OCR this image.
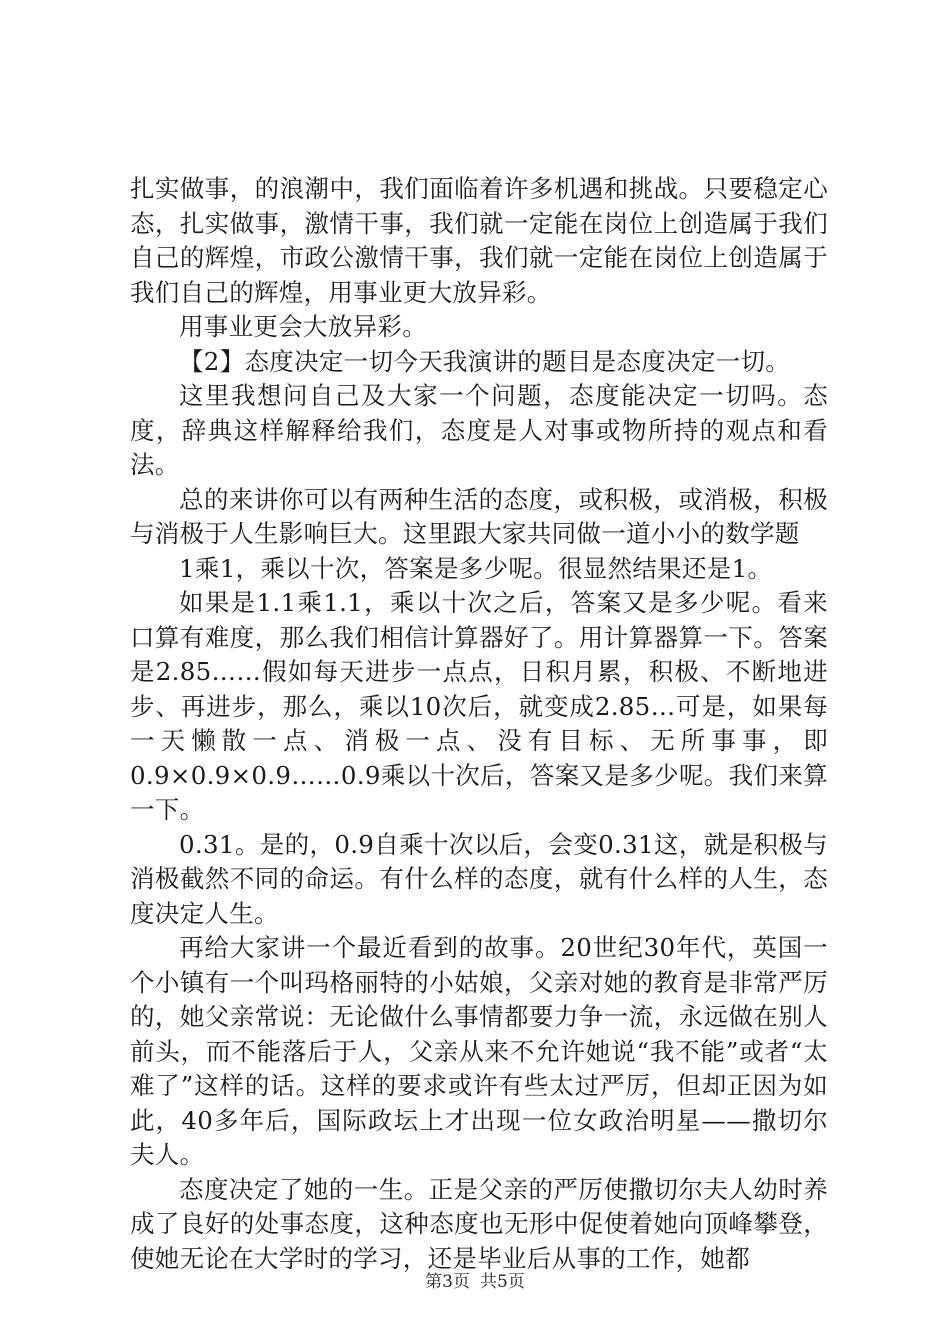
扎实做事，的浪潮中，我们面临着许多机遇和挑战。只要稳定心态，扎实做事，激情干事，我们就一定能在岗位上创造属于我们自己的辉煌，市政公激情干事，我们就一定能在岗位上创造属于我们自己的辉煌，用事业更大放异彩。

用事业更会大放异彩。

【2】态度决定一切今天我演讲的题目是态度决定一切。

这里我想问自己及大家一个问题，态度能决定一切吗。态度，辞典这样解释给我们，态度是人对事或物所持的观点和看法。

总的来讲你可以有两种生活的态度，或积极，或消极，积极与消极于人生影响巨大。这里跟大家共同做一道小小的数学题

1乘1，乘以十次，答案是多少呢。很显然结果还是1。

如果是1.1乘1.1，乘以十次之后，答案又是多少呢。看来口算有难度，那么我们相信计算器好了。用计算器算一下。答案是2.85……假如每天进步一点点，日积月累，积极、不断地进步、再进步，那么，乘以10次后，就变成2.85…可是，如果每一天懒散一点、消极一点、没有目标、无所事事，即0.9×0.9×0.9……0.9乘以十次后，答案又是多少呢。我们来算一下。

0.31。是的，0.9自乘十次以后，会变0.31这，就是积极与消极截然不同的命运。有什么样的态度，就有什么样的人生，态度决定人生。

再给大家讲一个最近看到的故事。20世纪30年代，英国一个小镇有一个叫玛格丽特的小姑娘，父亲对她的教育是非常严厉的，她父亲常说：无论做什么事情都要力争一流，永远做在别人前头，而不能落后于人，父亲从来不允许她说“我不能”或者“太难了”这样的话。这样的要求或许有些太过严厉，但却正因为如此，40多年后，国际政坛上才出现一位女政治明星——撒切尔夫人。

态度决定了她的一生。正是父亲的严厉使撒切尔夫人幼时养成了良好的处事态度，这种态度也无形中促使着她向顶峰攀登，使她无论在大学时的学习，还是毕业后从事的工作，她都

第3页 共5页
